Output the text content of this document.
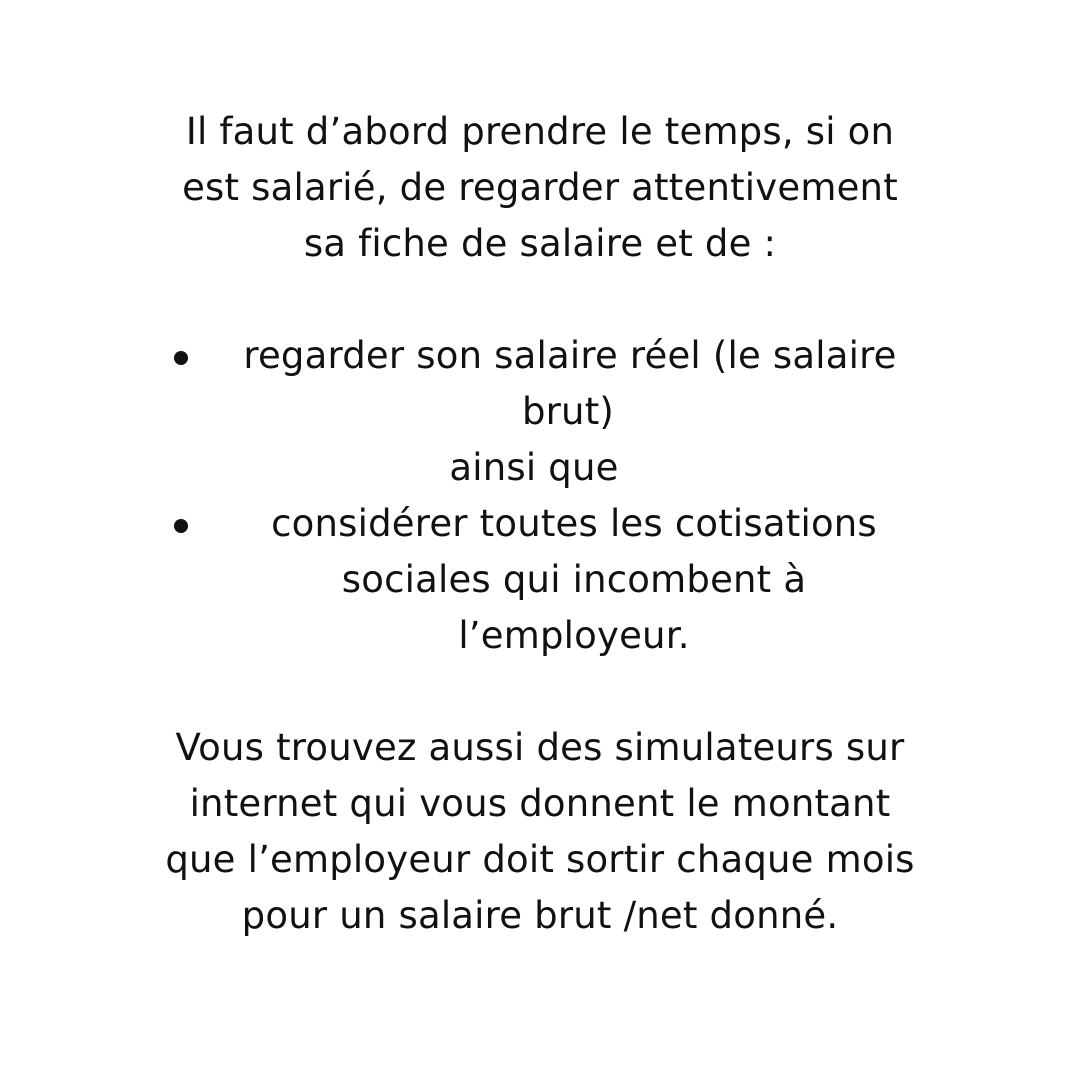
Il faut d’abord prendre le temps, si on
est salarié, de regarder attentivement
sa fiche de salaire et de :
regarder son salaire réel (le salaire
brut)
ainsi que
considérer toutes les cotisations
sociales qui incombent à
l’employeur.
Vous trouvez aussi des simulateurs sur
internet qui vous donnent le montant
que l’employeur doit sortir chaque mois
pour un salaire brut /net donné.
